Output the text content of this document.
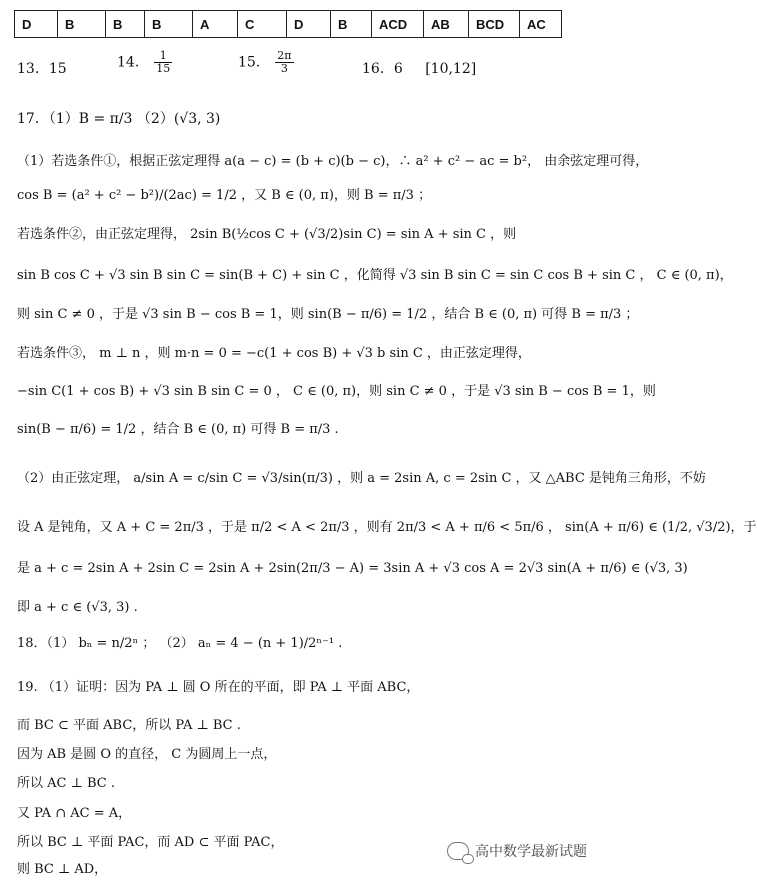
D	B	B	B	A	C	D	B	ACD	AB	BCD	AC
13．15	14． $\frac{1}{15}$	15． $\frac{2\pi}{3}$	16．6 [10,12]
17．（1）B = π/3 （2）(√3, 3)
（1）若选条件①，根据正弦定理得 a(a − c) = (b + c)(b − c)，∴ a² + c² − ac = b²， 由余弦定理可得，
cos B = (a² + c² − b²)/(2ac) = 1/2 ，又 B ∈ (0, π)，则 B = π/3 ；
若选条件②，由正弦定理得， 2sin B(½cos C + (√3/2)sin C) = sin A + sin C ，则
sin B cos C + √3 sin B sin C = sin(B + C) + sin C ，化简得 √3 sin B sin C = sin C cos B + sin C ， C ∈ (0, π)，
则 sin C ≠ 0 ，于是 √3 sin B − cos B = 1，则 sin(B − π/6) = 1/2 ，结合 B ∈ (0, π) 可得 B = π/3 ；
若选条件③， m ⊥ n ，则 m·n = 0 = −c(1 + cos B) + √3 b sin C ，由正弦定理得，
−sin C(1 + cos B) + √3 sin B sin C = 0 ， C ∈ (0, π)，则 sin C ≠ 0 ，于是 √3 sin B − cos B = 1，则
sin(B − π/6) = 1/2 ，结合 B ∈ (0, π) 可得 B = π/3 .
（2）由正弦定理， a/sin A = c/sin C = √3/sin(π/3) ，则 a = 2sin A, c = 2sin C ，又 △ABC 是钝角三角形，不妨
设 A 是钝角，又 A + C = 2π/3 ，于是 π/2 < A < 2π/3 ，则有 2π/3 < A + π/6 < 5π/6 ， sin(A + π/6) ∈ (1/2, √3/2)，于
是 a + c = 2sin A + 2sin C = 2sin A + 2sin(2π/3 − A) = 3sin A + √3 cos A = 2√3 sin(A + π/6) ∈ (√3, 3)
即 a + c ∈ (√3, 3) .
18．（1） bₙ = n/2ⁿ ； （2） aₙ = 4 − (n + 1)/2ⁿ⁻¹ .
19. （1）证明：因为 PA ⊥ 圆 O 所在的平面，即 PA ⊥ 平面 ABC，
而 BC ⊂ 平面 ABC，所以 PA ⊥ BC .
因为 AB 是圆 O 的直径， C 为圆周上一点，
所以 AC ⊥ BC .
又 PA ∩ AC = A，
所以 BC ⊥ 平面 PAC，而 AD ⊂ 平面 PAC，
则 BC ⊥ AD，
高中数学最新试题
